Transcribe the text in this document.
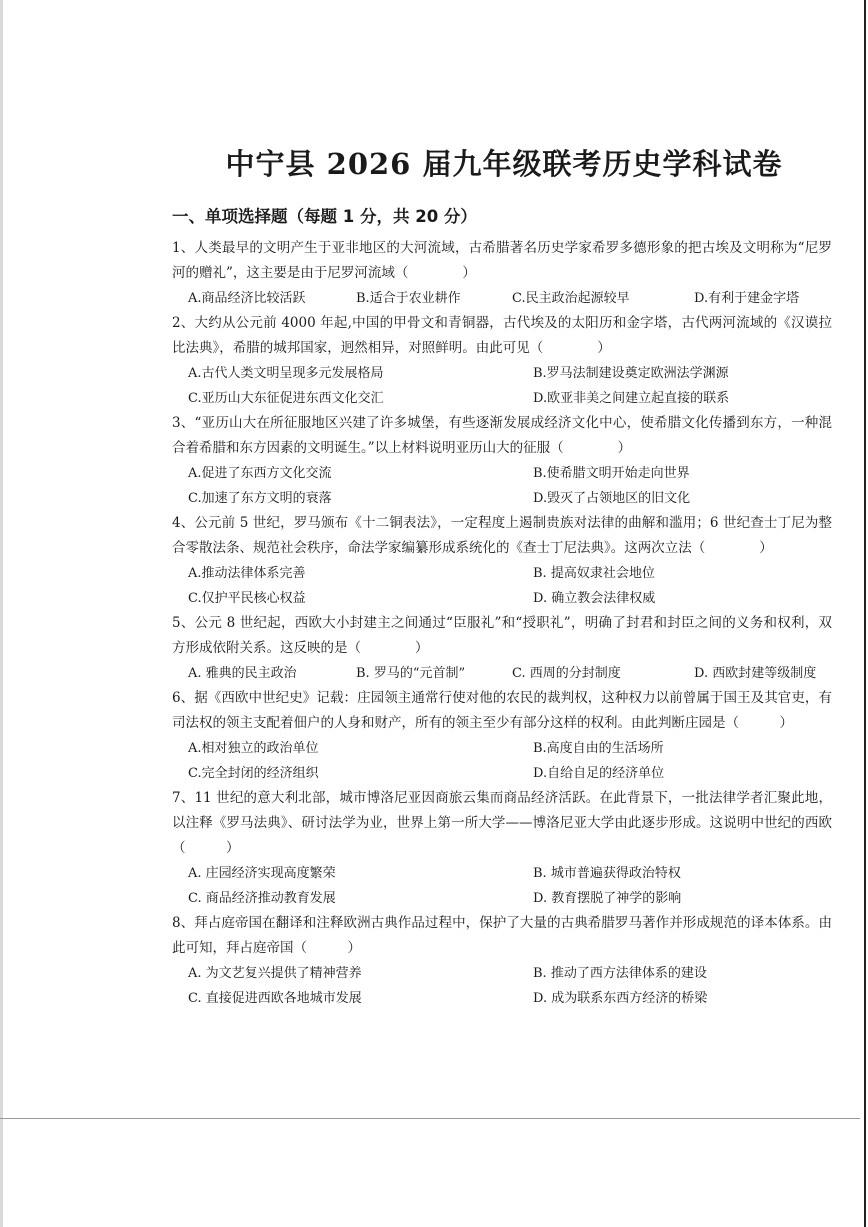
中宁县 2026 届九年级联考历史学科试卷
一、单项选择题（每题 1 分，共 20 分）

1、人类最早的文明产生于亚非地区的大河流域，古希腊著名历史学家希罗多德形象的把古埃及文明称为“尼罗河的赠礼”，这主要是由于尼罗河流域（　　　　）

A.商品经济比较活跃	B.适合于农业耕作	C.民主政治起源较早	D.有利于建金字塔

2、大约从公元前 4000 年起,中国的甲骨文和青铜器，古代埃及的太阳历和金字塔，古代两河流域的《汉谟拉比法典》，希腊的城邦国家，迥然相异，对照鲜明。由此可见（　　　　）

A.古代人类文明呈现多元发展格局	B.罗马法制建设奠定欧洲法学渊源
C.亚历山大东征促进东西文化交汇	D.欧亚非美之间建立起直接的联系

3、“亚历山大在所征服地区兴建了许多城堡，有些逐渐发展成经济文化中心，使希腊文化传播到东方，一种混合着希腊和东方因素的文明诞生。”以上材料说明亚历山大的征服（　　　　）

A.促进了东西方文化交流	B.使希腊文明开始走向世界
C.加速了东方文明的衰落	D.毁灭了占领地区的旧文化

4、公元前 5 世纪，罗马颁布《十二铜表法》，一定程度上遏制贵族对法律的曲解和滥用；6 世纪查士丁尼为整合零散法条、规范社会秩序，命法学家编纂形成系统化的《查士丁尼法典》。这两次立法（　　　　）

A.推动法律体系完善	B. 提高奴隶社会地位
C.仅护平民核心权益	D. 确立教会法律权威

5、公元 8 世纪起，西欧大小封建主之间通过“臣服礼”和“授职礼”，明确了封君和封臣之间的义务和权利，双方形成依附关系。这反映的是（　　　　）

A. 雅典的民主政治	B. 罗马的“元首制”	C. 西周的分封制度	D. 西欧封建等级制度

6、据《西欧中世纪史》记载：庄园领主通常行使对他的农民的裁判权，这种权力以前曾属于国王及其官吏，有司法权的领主支配着佃户的人身和财产，所有的领主至少有部分这样的权利。由此判断庄园是（　　　）

A.相对独立的政治单位	B.高度自由的生活场所
C.完全封闭的经济组织	D.自给自足的经济单位

7、11 世纪的意大利北部，城市博洛尼亚因商旅云集而商品经济活跃。在此背景下，一批法律学者汇聚此地，以注释《罗马法典》、研讨法学为业，世界上第一所大学——博洛尼亚大学由此逐步形成。这说明中世纪的西欧（　　　）

A. 庄园经济实现高度繁荣	B. 城市普遍获得政治特权
C. 商品经济推动教育发展	D. 教育摆脱了神学的影响

8、拜占庭帝国在翻译和注释欧洲古典作品过程中，保护了大量的古典希腊罗马著作并形成规范的译本体系。由此可知，拜占庭帝国（　　　）

A. 为文艺复兴提供了精神营养	B. 推动了西方法律体系的建设
C. 直接促进西欧各地城市发展	D. 成为联系东西方经济的桥梁
